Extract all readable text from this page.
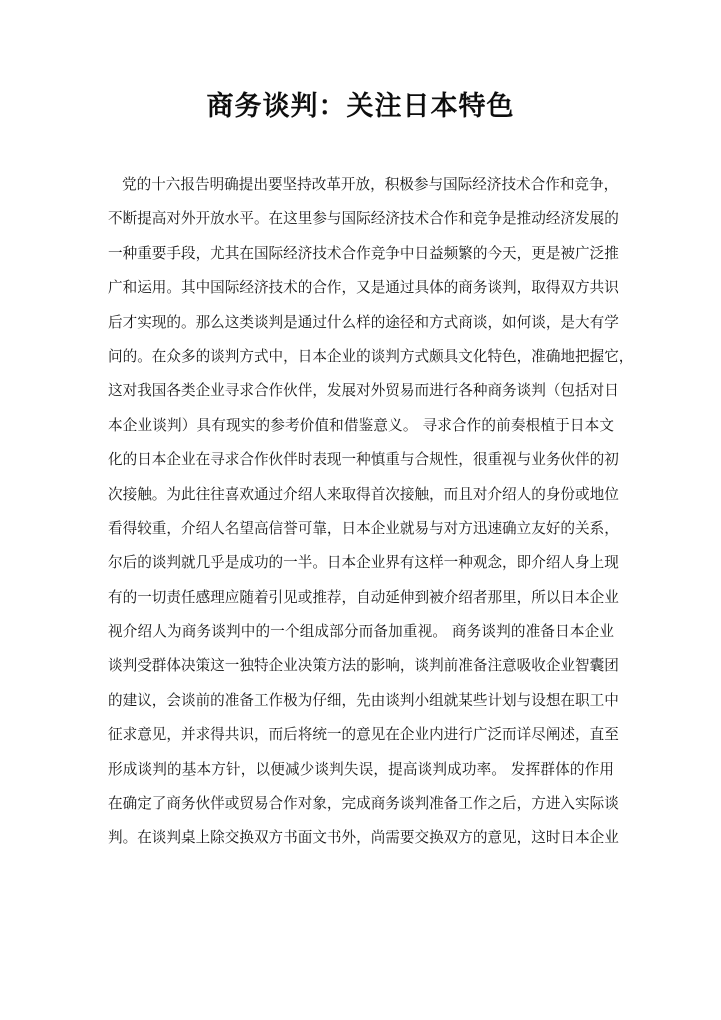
商务谈判：关注日本特色
党的十六报告明确提出要坚持改革开放，积极参与国际经济技术合作和竞争，
不断提高对外开放水平。在这里参与国际经济技术合作和竞争是推动经济发展的
一种重要手段，尤其在国际经济技术合作竞争中日益频繁的今天，更是被广泛推
广和运用。其中国际经济技术的合作，又是通过具体的商务谈判，取得双方共识
后才实现的。那么这类谈判是通过什么样的途径和方式商谈，如何谈，是大有学
问的。在众多的谈判方式中，日本企业的谈判方式颇具文化特色，准确地把握它，
这对我国各类企业寻求合作伙伴，发展对外贸易而进行各种商务谈判（包括对日
本企业谈判）具有现实的参考价值和借鉴意义。 寻求合作的前奏根植于日本文
化的日本企业在寻求合作伙伴时表现一种慎重与合规性，很重视与业务伙伴的初
次接触。为此往往喜欢通过介绍人来取得首次接触，而且对介绍人的身份或地位
看得较重，介绍人名望高信誉可靠，日本企业就易与对方迅速确立友好的关系，
尔后的谈判就几乎是成功的一半。日本企业界有这样一种观念，即介绍人身上现
有的一切责任感理应随着引见或推荐，自动延伸到被介绍者那里，所以日本企业
视介绍人为商务谈判中的一个组成部分而备加重视。 商务谈判的准备日本企业
谈判受群体决策这一独特企业决策方法的影响，谈判前准备注意吸收企业智囊团
的建议，会谈前的准备工作极为仔细，先由谈判小组就某些计划与设想在职工中
征求意见，并求得共识，而后将统一的意见在企业内进行广泛而详尽阐述，直至
形成谈判的基本方针，以便减少谈判失误，提高谈判成功率。 发挥群体的作用
在确定了商务伙伴或贸易合作对象，完成商务谈判准备工作之后，方进入实际谈
判。在谈判桌上除交换双方书面文书外，尚需要交换双方的意见，这时日本企业
